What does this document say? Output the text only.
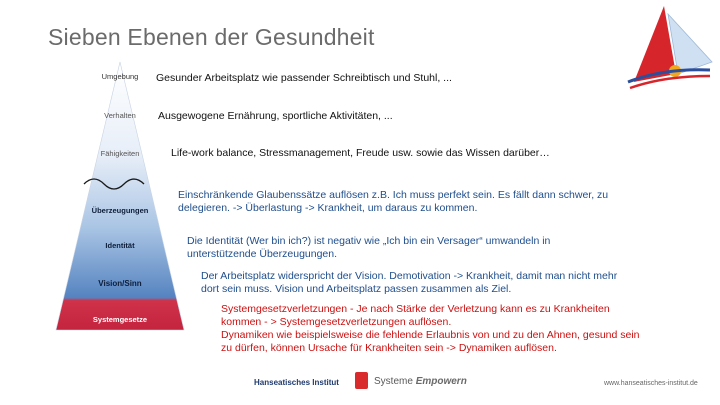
Sieben Ebenen der Gesundheit
Umgebung
Verhalten
Fähigkeiten
Überzeugungen
Identität
Vision/Sinn
Systemgesetze
Gesunder Arbeitsplatz wie passender Schreibtisch und Stuhl, ...
Ausgewogene Ernährung, sportliche Aktivitäten, ...
Life-work balance, Stressmanagement, Freude usw. sowie das Wissen darüber…
Einschränkende Glaubenssätze auflösen z.B. Ich muss perfekt sein. Es fällt dann schwer, zu
delegieren. -> Überlastung -> Krankheit, um daraus zu kommen.
Die Identität (Wer bin ich?) ist negativ wie „Ich bin ein Versager“ umwandeln in
unterstützende Überzeugungen.
Der Arbeitsplatz widerspricht der Vision. Demotivation -> Krankheit, damit man nicht mehr
dort sein muss. Vision und Arbeitsplatz passen zusammen als Ziel.
Systemgesetzverletzungen - Je nach Stärke der Verletzung kann es zu Krankheiten
kommen - > Systemgesetzverletzungen auflösen.
Dynamiken wie beispielsweise die fehlende Erlaubnis von und zu den Ahnen, gesund sein
zu dürfen, können Ursache für Krankheiten sein -> Dynamiken auflösen.
Hanseatisches Institut	Systeme Empowern	www.hanseatisches-institut.de
